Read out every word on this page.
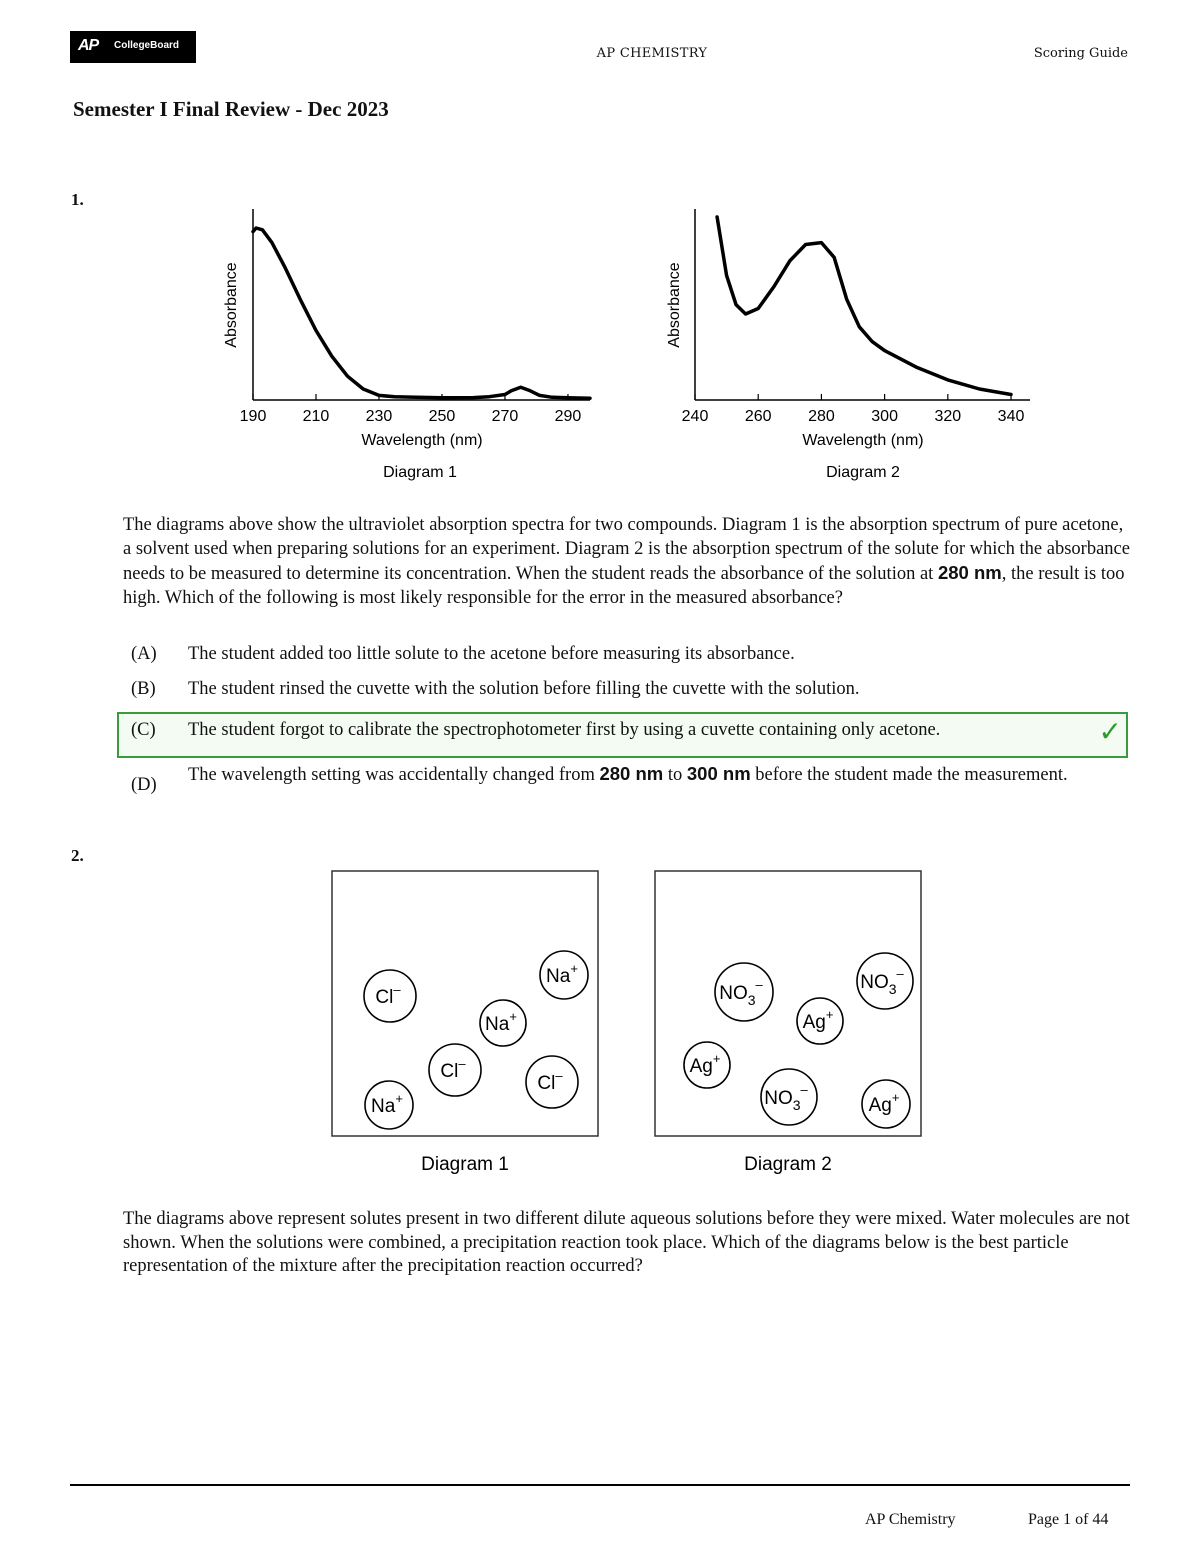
AP CollegeBoard
AP CHEMISTRY	Scoring Guide
Semester I Final Review - Dec 2023
1.
190 210 230 250 270 290
Absorbance
Wavelength (nm)
Diagram 1
240 260 280 300 320 340
Absorbance
Wavelength (nm)
Diagram 2
The diagrams above show the ultraviolet absorption spectra for two compounds. Diagram 1 is the absorption spectrum of pure acetone, a solvent used when preparing solutions for an experiment. Diagram 2 is the absorption spectrum of the solute for which the absorbance needs to be measured to determine its concentration. When the student reads the absorbance of the solution at 280 nm, the result is too high. Which of the following is most likely responsible for the error in the measured absorbance?
(A)	The student added too little solute to the acetone before measuring its absorbance.
(B)	The student rinsed the cuvette with the solution before filling the cuvette with the solution.
✓
(C)	The student forgot to calibrate the spectrophotometer first by using a cuvette containing only acetone.
(D)	The wavelength setting was accidentally changed from 280 nm to 300 nm before the student made the measurement.
2.
Cl–
Na+
Na+
Cl–
Cl–
Na+
$NO_3^-$	$NO_3^-$
Ag+
Ag+
$NO_3^-$
Ag+
Diagram 1	Diagram 2
The diagrams above represent solutes present in two different dilute aqueous solutions before they were mixed. Water molecules are not shown. When the solutions were combined, a precipitation reaction took place. Which of the diagrams below is the best particle representation of the mixture after the precipitation reaction occurred?
AP Chemistry	Page 1 of 44
